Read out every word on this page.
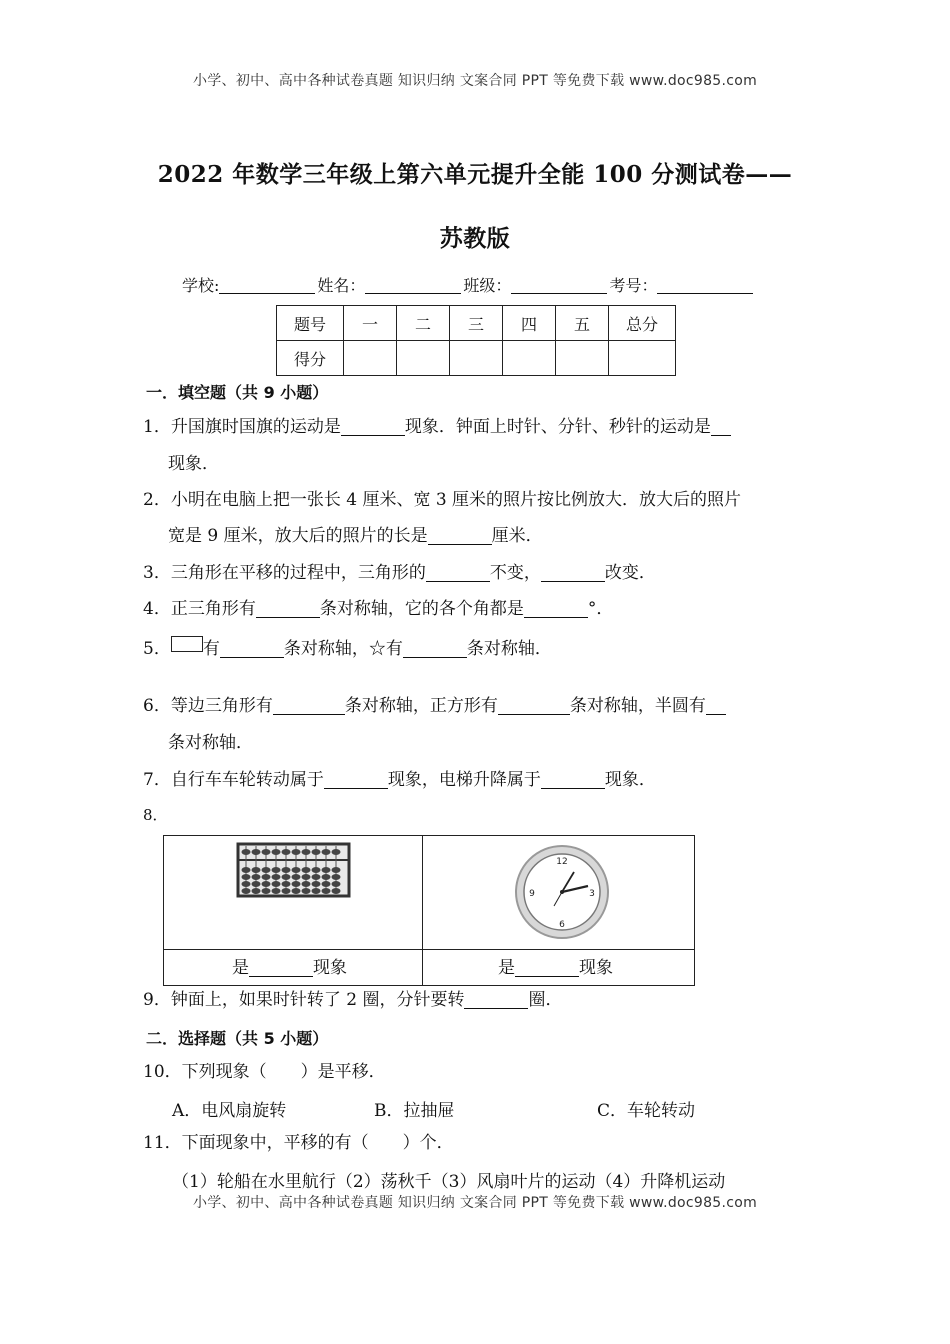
小学、初中、高中各种试卷真题 知识归纳 文案合同 PPT 等免费下载 www.doc985.com
2022 年数学三年级上第六单元提升全能 100 分测试卷——
苏教版
学校:	姓名：	班级：	考号：
题号	一	二	三	四	五	总分
得分						
一．填空题（共 9 小题）
1．升国旗时国旗的运动是	现象．钟面上时针、分针、秒针的运动是
现象．
2．小明在电脑上把一张长 4 厘米、宽 3 厘米的照片按比例放大．放大后的照片
宽是 9 厘米，放大后的照片的长是	厘米．
3．三角形在平移的过程中，三角形的	不变，	改变．
4．正三角形有	条对称轴，它的各个角都是	°．
5． 有	条对称轴，☆有	条对称轴．
6．等边三角形有	条对称轴，正方形有	条对称轴，半圆有
条对称轴．
7．自行车车轮转动属于	现象，电梯升降属于	现象．
8．
12
3
6
9
是	现象	是	现象
9．钟面上，如果时针转了 2 圈，分针要转	圈．
二．选择题（共 5 小题）
10．下列现象（　　）是平移．
A．电风扇旋转	B．拉抽屉	C．车轮转动
11．下面现象中，平移的有（　　）个．
（1）轮船在水里航行（2）荡秋千（3）风扇叶片的运动（4）升降机运动
小学、初中、高中各种试卷真题 知识归纳 文案合同 PPT 等免费下载 www.doc985.com
